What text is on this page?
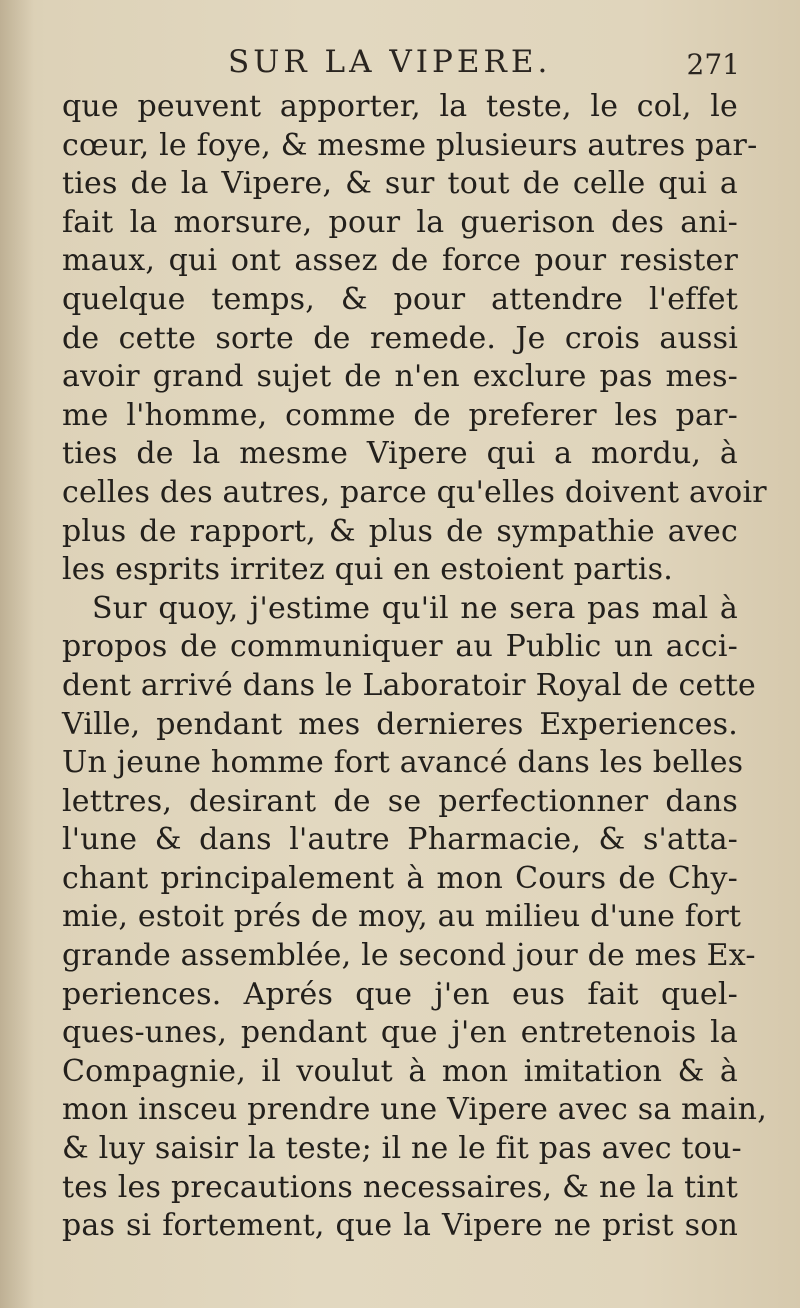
SUR LA VIPERE.	271
que peuvent apporter, la teste, le col, le
cœur, le foye, & mesme plusieurs autres par-
ties de la Vipere, & sur tout de celle qui a
fait la morsure, pour la guerison des ani-
maux, qui ont assez de force pour resister
quelque temps, & pour attendre l'effet
de cette sorte de remede. Je crois aussi
avoir grand sujet de n'en exclure pas mes-
me l'homme, comme de preferer les par-
ties de la mesme Vipere qui a mordu, à
celles des autres, parce qu'elles doivent avoir
plus de rapport, & plus de sympathie avec
les esprits irritez qui en estoient partis.
Sur quoy, j'estime qu'il ne sera pas mal à
propos de communiquer au Public un acci-
dent arrivé dans le Laboratoir Royal de cette
Ville, pendant mes dernieres Experiences.
Un jeune homme fort avancé dans les belles
lettres, desirant de se perfectionner dans
l'une & dans l'autre Pharmacie, & s'atta-
chant principalement à mon Cours de Chy-
mie, estoit prés de moy, au milieu d'une fort
grande assemblée, le second jour de mes Ex-
periences. Aprés que j'en eus fait quel-
ques-unes, pendant que j'en entretenois la
Compagnie, il voulut à mon imitation & à
mon insceu prendre une Vipere avec sa main,
& luy saisir la teste; il ne le fit pas avec tou-
tes les precautions necessaires, & ne la tint
pas si fortement, que la Vipere ne prist son
